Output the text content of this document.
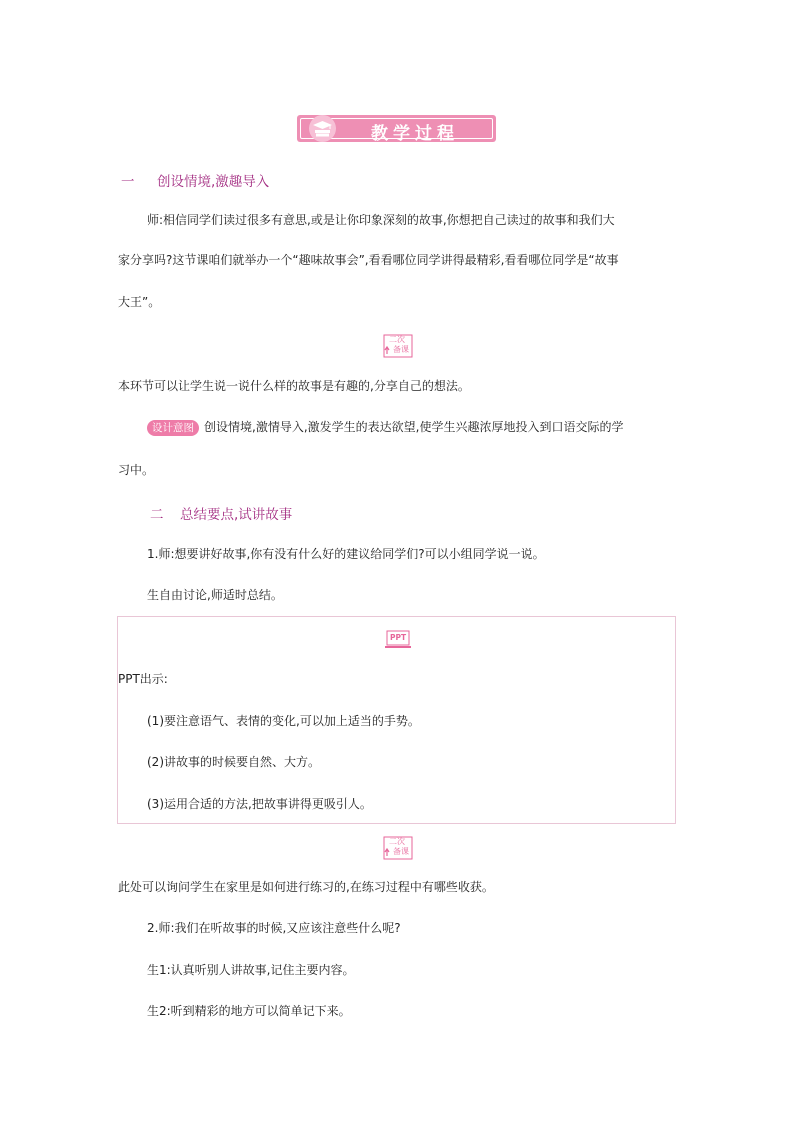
教学过程
一 创设情境,激趣导入
师:相信同学们读过很多有意思,或是让你印象深刻的故事,你想把自己读过的故事和我们大
家分享吗?这节课咱们就举办一个“趣味故事会”,看看哪位同学讲得最精彩,看看哪位同学是“故事
大王”。
二次
备课
本环节可以让学生说一说什么样的故事是有趣的,分享自己的想法。
设计意图 创设情境,激情导入,激发学生的表达欲望,使学生兴趣浓厚地投入到口语交际的学
习中。
二 总结要点,试讲故事
1.师:想要讲好故事,你有没有什么好的建议给同学们?可以小组同学说一说。
生自由讨论,师适时总结。
PPT
PPT出示:
(1)要注意语气、表情的变化,可以加上适当的手势。
(2)讲故事的时候要自然、大方。
(3)运用合适的方法,把故事讲得更吸引人。
二次
备课
此处可以询问学生在家里是如何进行练习的,在练习过程中有哪些收获。
2.师:我们在听故事的时候,又应该注意些什么呢?
生1:认真听别人讲故事,记住主要内容。
生2:听到精彩的地方可以简单记下来。
